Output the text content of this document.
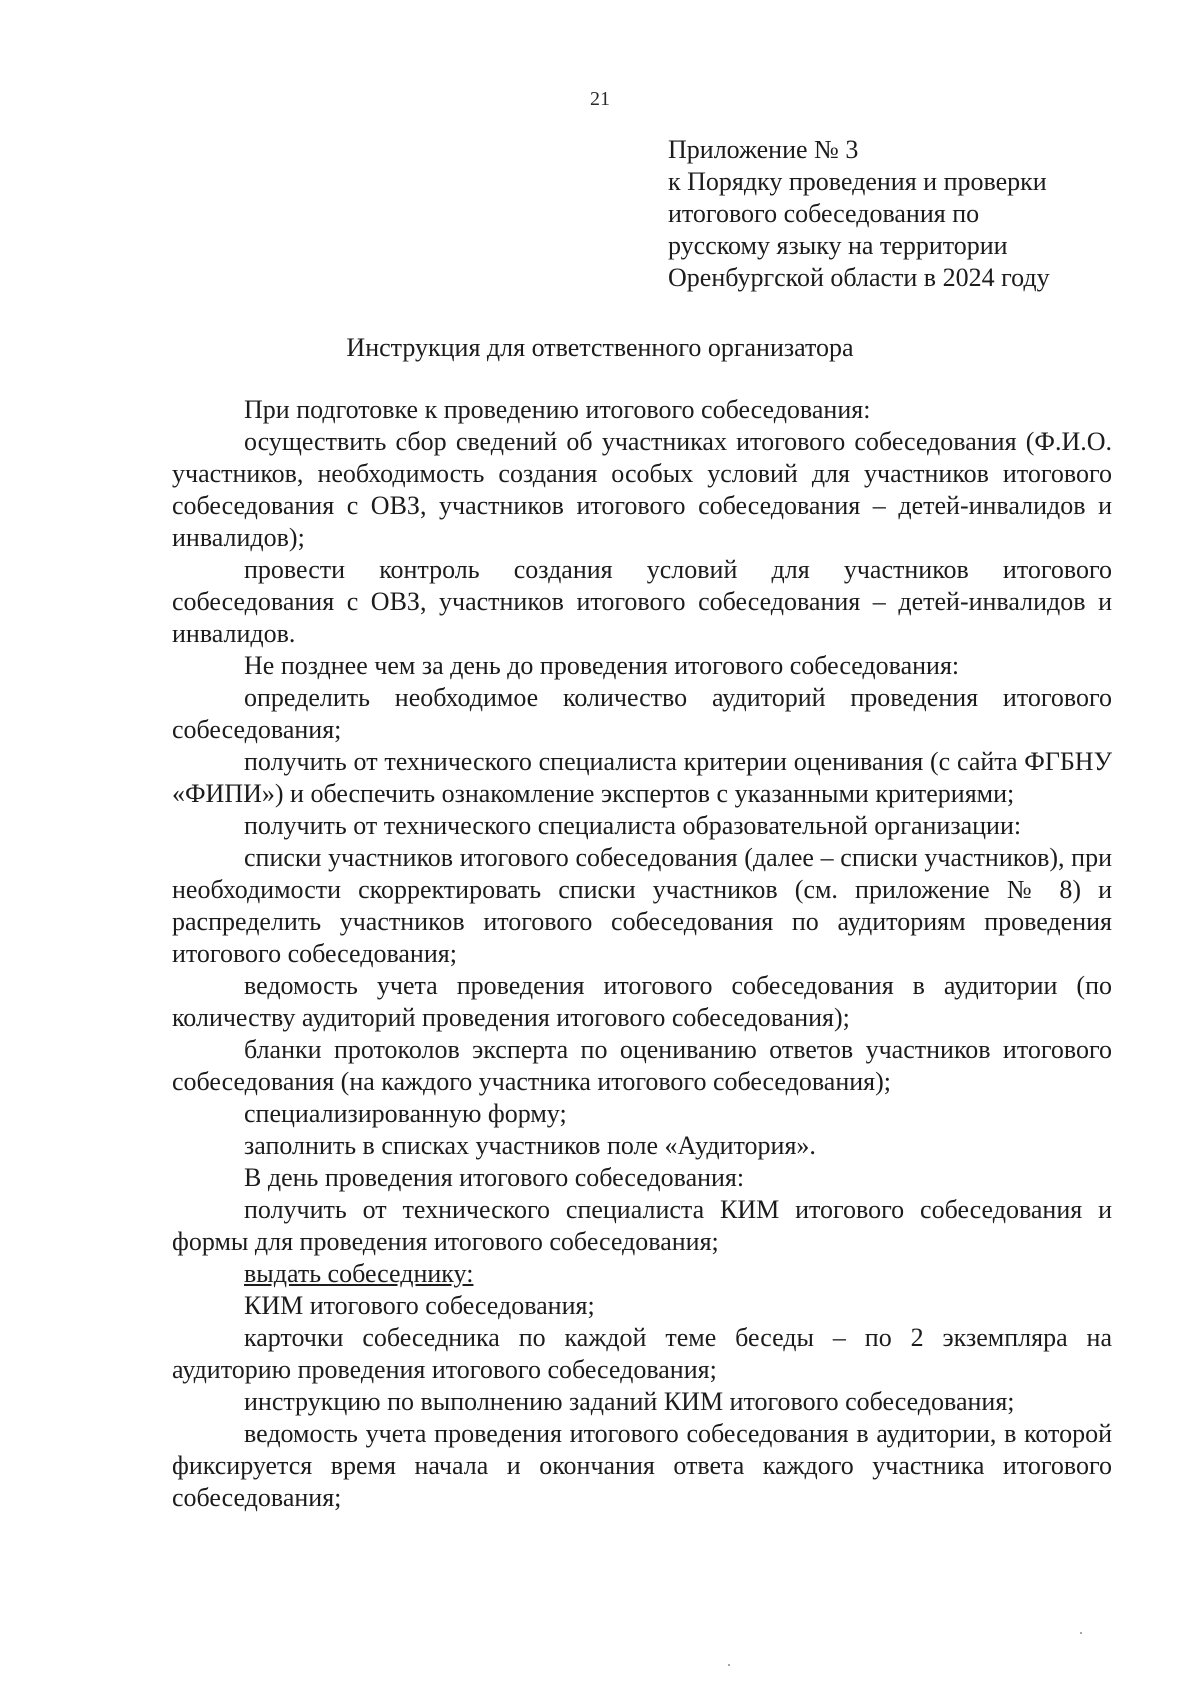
21
Приложение № 3
к Порядку проведения и проверки
итогового собеседования по
русскому языку на территории
Оренбургской области в 2024 году
Инструкция для ответственного организатора

При подготовке к проведению итогового собеседования:

осуществить сбор сведений об участниках итогового собеседования (Ф.И.О. участников, необходимость создания особых условий для участников итогового собеседования с ОВЗ, участников итогового собеседования – детей-инвалидов и инвалидов);

провести контроль создания условий для участников итогового собеседования с ОВЗ, участников итогового собеседования – детей-инвалидов и инвалидов.

Не позднее чем за день до проведения итогового собеседования:

определить необходимое количество аудиторий проведения итогового собеседования;

получить от технического специалиста критерии оценивания (с сайта ФГБНУ «ФИПИ») и обеспечить ознакомление экспертов с указанными критериями;

получить от технического специалиста образовательной организации:

списки участников итогового собеседования (далее – списки участников), при необходимости скорректировать списки участников (см. приложение № 8) и распределить участников итогового собеседования по аудиториям проведения итогового собеседования;

ведомость учета проведения итогового собеседования в аудитории (по количеству аудиторий проведения итогового собеседования);

бланки протоколов эксперта по оцениванию ответов участников итогового собеседования (на каждого участника итогового собеседования);

специализированную форму;

заполнить в списках участников поле «Аудитория».

В день проведения итогового собеседования:

получить от технического специалиста КИМ итогового собеседования и формы для проведения итогового собеседования;

выдать собеседнику:

КИМ итогового собеседования;

карточки собеседника по каждой теме беседы – по 2 экземпляра на аудиторию проведения итогового собеседования;

инструкцию по выполнению заданий КИМ итогового собеседования;

ведомость учета проведения итогового собеседования в аудитории, в которой фиксируется время начала и окончания ответа каждого участника итогового собеседования;
